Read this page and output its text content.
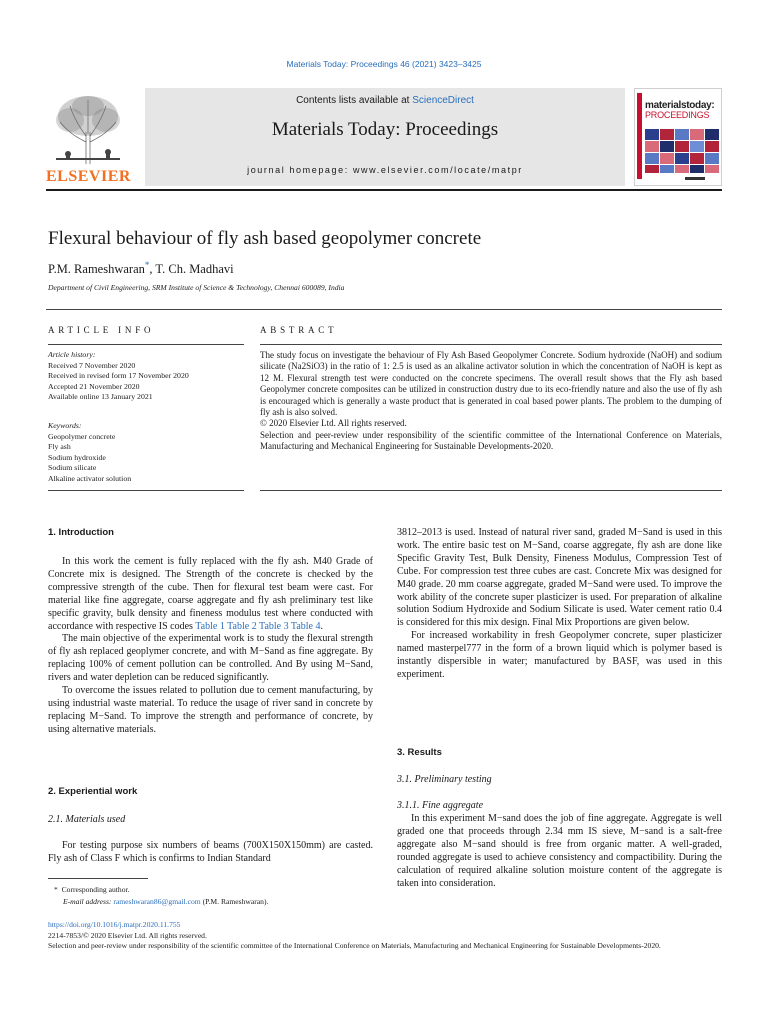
Materials Today: Proceedings 46 (2021) 3423–3425
ELSEVIER
Contents lists available at ScienceDirect
Materials Today: Proceedings
journal homepage: www.elsevier.com/locate/matpr
materialstoday:
PROCEEDINGS
Flexural behaviour of fly ash based geopolymer concrete
P.M. Rameshwaran*, T. Ch. Madhavi
Department of Civil Engineering, SRM Institute of Science & Technology, Chennai 600089, India
ARTICLE INFO	ABSTRACT
Article history:
Received 7 November 2020
Received in revised form 17 November 2020
Accepted 21 November 2020
Available online 13 January 2021
Keywords:
Geopolymer concrete
Fly ash
Sodium hydroxide
Sodium silicate
Alkaline activator solution

The study focus on investigate the behaviour of Fly Ash Based Geopolymer Concrete. Sodium hydroxide (NaOH) and sodium silicate (Na2SiO3) in the ratio of 1: 2.5 is used as an alkaline activator solution in which the concentration of NaOH is kept as 12 M. Flexural strength test were conducted on the concrete specimens. The overall result shows that the Fly ash based Geopolymer concrete composites can be utilized in construction dustry due to its eco-friendly nature and also the use of fly ash is encouraged which is generally a waste product that is generated in coal based power plants. The problem to the dumping of fly ash is also solved.

© 2020 Elsevier Ltd. All rights reserved.

Selection and peer-review under responsibility of the scientific committee of the International Conference on Materials, Manufacturing and Mechanical Engineering for Sustainable Developments-2020.

1. Introduction

In this work the cement is fully replaced with the fly ash. M40 Grade of Concrete mix is designed. The Strength of the concrete is checked by the compressive strength of the cube. Then for flexural test beam were cast. For material like fine aggregate, coarse aggregate and fly ash preliminary test like specific gravity, bulk density and fineness modulus test where conducted with accordance with respective IS codes Table 1 Table 2 Table 3 Table 4.

The main objective of the experimental work is to study the flexural strength of fly ash replaced geoplymer concrete, and with M−Sand as fine aggregate. By replacing 100% of cement pollution can be controlled. And By using M−Sand, rivers and water depletion can be reduced significantly.

To overcome the issues related to pollution due to cement manufacturing, by using industrial waste material. To reduce the usage of river sand in concrete by replacing M−Sand. To improve the strength and performance of concrete, by using alternative materials.

2. Experiential work
2.1. Materials used

For testing purpose six numbers of beams (700X150X150mm) are casted. Fly ash of Class F which is confirms to Indian Standard

* Corresponding author.
E-mail address: rameshwaran86@gmail.com (P.M. Rameshwaran).

3812–2013 is used. Instead of natural river sand, graded M−Sand is used in this work. The entire basic test on M−Sand, coarse aggregate, fly ash are done like Specific Gravity Test, Bulk Density, Fineness Modulus, Compression Test of Cube. For compression test three cubes are cast. Concrete Mix was designed for M40 grade. 20 mm coarse aggregate, graded M−Sand were used. To improve the work ability of the concrete super plasticizer is used. For preparation of alkaline solution Sodium Hydroxide and Sodium Silicate is used. Water cement ratio 0.4 is considered for this mix design. Final Mix Proportions are given below.

For increased workability in fresh Geopolymer concrete, super plasticizer named masterpel777 in the form of a brown liquid which is polymer based is instantly dispersible in water; manufactured by BASF, was used in this experiment.

3. Results
3.1. Preliminary testing
3.1.1. Fine aggregate

In this experiment M−sand does the job of fine aggregate. Aggregate is well graded one that proceeds through 2.34 mm IS sieve, M−sand is a salt-free aggregate also M−sand should is free from organic matter. A well-graded, rounded aggregate is used to achieve consistency and compactibility. During the calculation of required alkaline solution moisture content of the aggregate is taken into consideration.

https://doi.org/10.1016/j.matpr.2020.11.755
2214-7853/© 2020 Elsevier Ltd. All rights reserved.
Selection and peer-review under responsibility of the scientific committee of the International Conference on Materials, Manufacturing and Mechanical Engineering for Sustainable Developments-2020.
